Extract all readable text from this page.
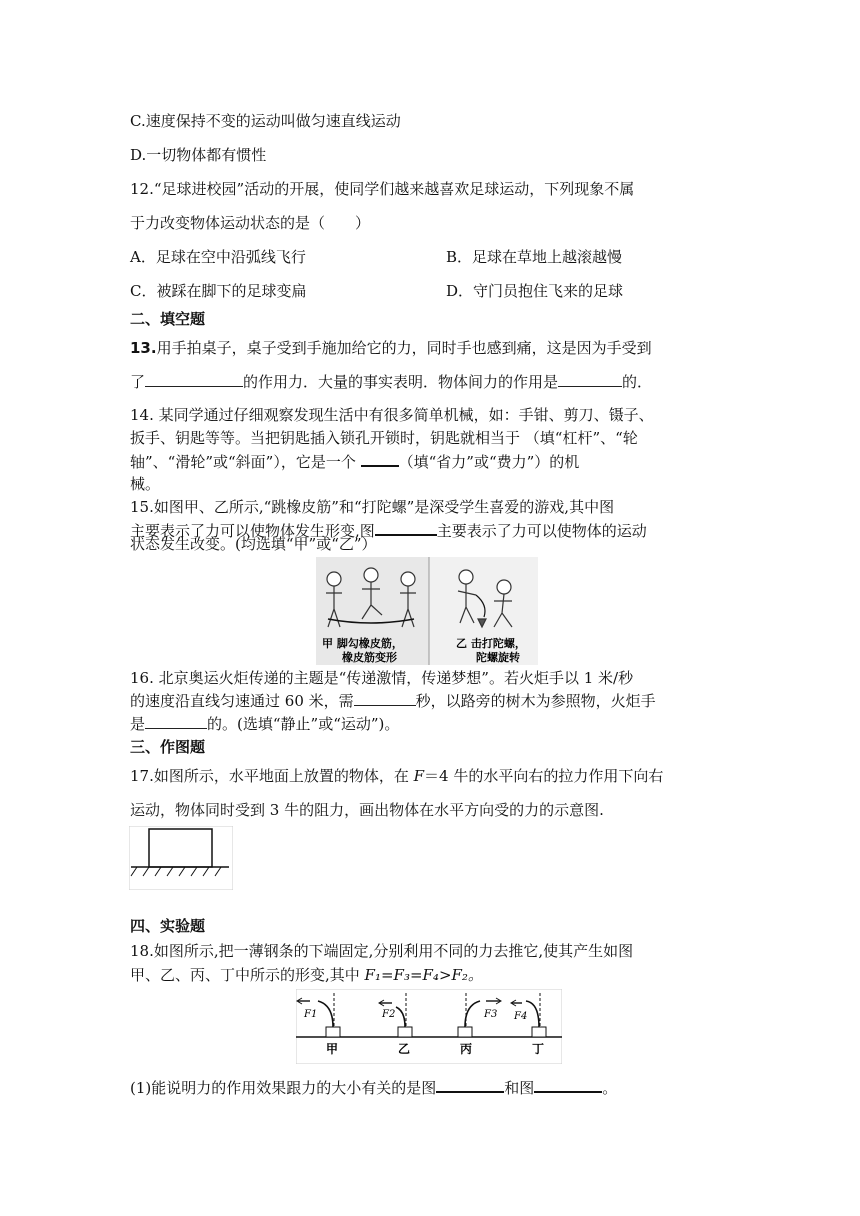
C.速度保持不变的运动叫做匀速直线运动
D.一切物体都有惯性
12.“足球进校园”活动的开展，使同学们越来越喜欢足球运动，下列现象不属
于力改变物体运动状态的是（　　）
A．足球在空中沿弧线飞行	B．足球在草地上越滚越慢
C．被踩在脚下的足球变扁	D．守门员抱住飞来的足球
二、填空题
13.用手拍桌子，桌子受到手施加给它的力，同时手也感到痛，这是因为手受到
了	的作用力．大量的事实表明．物体间力的作用是	的．
14. 某同学通过仔细观察发现生活中有很多简单机械，如：手钳、剪刀、镊子、
扳手、钥匙等等。当把钥匙插入锁孔开锁时，钥匙就相当于 （填“杠杆”、“轮
轴”、“滑轮”或“斜面”），它是一个	（填“省力”或“费力”）的机
械。
15.如图甲、乙所示,“跳橡皮筋”和“打陀螺”是深受学生喜爱的游戏,其中图
主要表示了力可以使物体发生形变,图	主要表示了力可以使物体的运动
状态发生改变。(均选填“甲”或“乙”）
甲 脚勾橡皮筋，
橡皮筋变形
乙 击打陀螺，
陀螺旋转
16. 北京奥运火炬传递的主题是“传递激情，传递梦想”。若火炬手以 1 米/秒
的速度沿直线匀速通过 60 米，需	秒，以路旁的树木为参照物，火炬手
是	的。(选填“静止”或“运动”)。
三、作图题
17.如图所示，水平地面上放置的物体，在 F＝4 牛的水平向右的拉力作用下向右
运动，物体同时受到 3 牛的阻力，画出物体在水平方向受的力的示意图.
四、实验题
18.如图所示,把一薄钢条的下端固定,分别利用不同的力去推它,使其产生如图
甲、乙、丙、丁中所示的形变,其中 F₁=F₃=F₄>F₂。
F1
甲
F2
乙
F3
丙
F4
丁
(1)能说明力的作用效果跟力的大小有关的是图	和图	。
